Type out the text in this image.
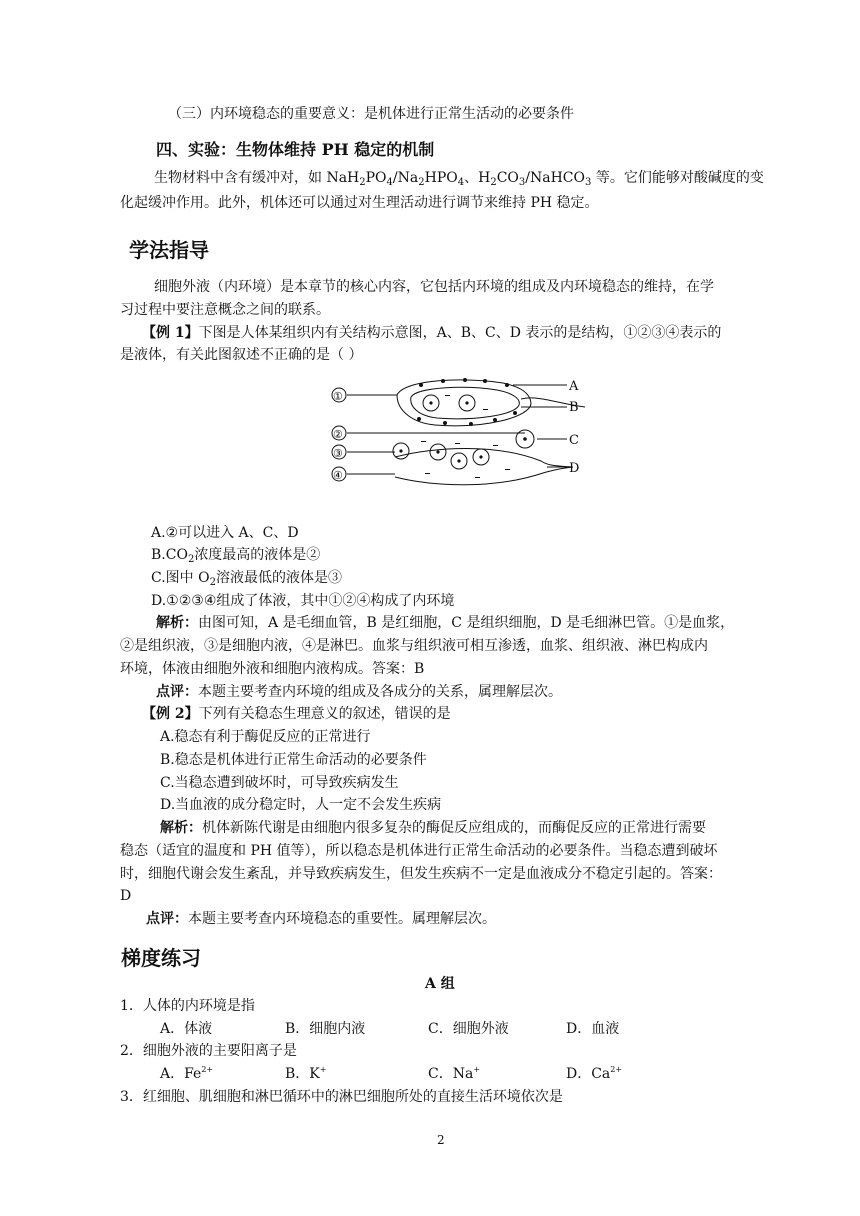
（三）内环境稳态的重要意义：是机体进行正常生活动的必要条件
四、实验：生物体维持 PH 稳定的机制
生物材料中含有缓冲对，如 $NaH_2PO_4/Na_2HPO_4$、$H_2CO_3/NaHCO_3$ 等。它们能够对酸碱度的变
化起缓冲作用。此外，机体还可以通过对生理活动进行调节来维持 PH 稳定。
学法指导
细胞外液（内环境）是本章节的核心内容，它包括内环境的组成及内环境稳态的维持，在学
习过程中要注意概念之间的联系。
【例 1】下图是人体某组织内有关结构示意图，A、B、C、D 表示的是结构，①②③④表示的
是液体，有关此图叙述不正确的是（ ）
①
②
③
④
A
B
C
D
A.②可以进入 A、C、D
$B.CO_2$浓度最高的液体是②
C.图中 $O_2$溶液最低的液体是③
D.①②③④组成了体液，其中①②④构成了内环境
解析：由图可知，A 是毛细血管，B 是红细胞，C 是组织细胞，D 是毛细淋巴管。①是血浆，
②是组织液，③是细胞内液，④是淋巴。血浆与组织液可相互渗透，血浆、组织液、淋巴构成内
环境，体液由细胞外液和细胞内液构成。答案：B
点评：本题主要考查内环境的组成及各成分的关系，属理解层次。
【例 2】下列有关稳态生理意义的叙述，错误的是
A.稳态有利于酶促反应的正常进行
B.稳态是机体进行正常生命活动的必要条件
C.当稳态遭到破坏时，可导致疾病发生
D.当血液的成分稳定时，人一定不会发生疾病
解析：机体新陈代谢是由细胞内很多复杂的酶促反应组成的，而酶促反应的正常进行需要
稳态（适宜的温度和 PH 值等），所以稳态是机体进行正常生命活动的必要条件。当稳态遭到破坏
时，细胞代谢会发生紊乱，并导致疾病发生，但发生疾病不一定是血液成分不稳定引起的。答案：
D
点评：本题主要考查内环境稳态的重要性。属理解层次。
梯度练习
A 组
1．人体的内环境是指
A．体液	B．细胞内液	C．细胞外液	D．血液
2．细胞外液的主要阳离子是
A．$Fe^{2+}$	B．K+	C．Na+	D．$Ca^{2+}$
3．红细胞、肌细胞和淋巴循环中的淋巴细胞所处的直接生活环境依次是
2
